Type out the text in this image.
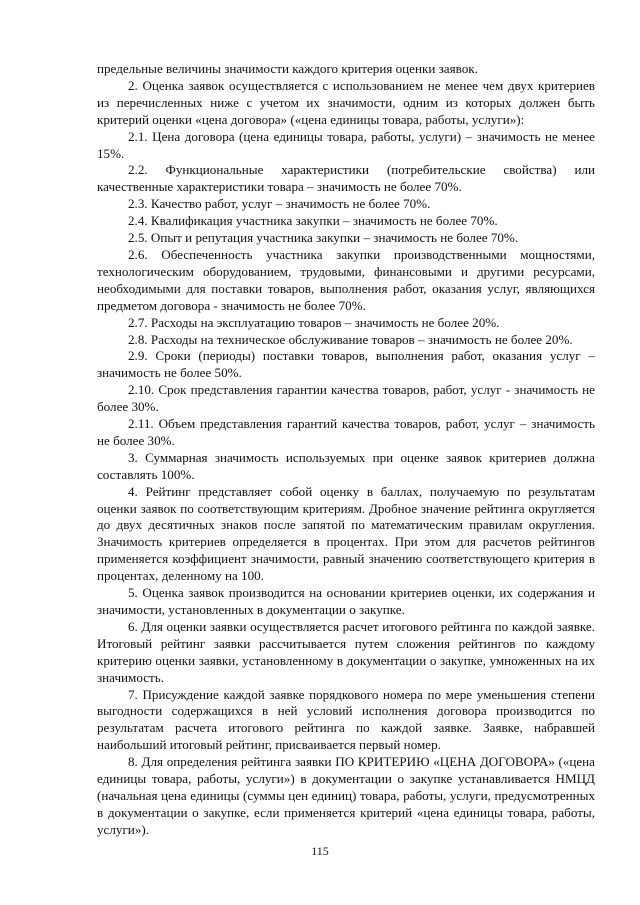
предельные величины значимости каждого критерия оценки заявок.

2. Оценка заявок осуществляется с использованием не менее чем двух критериев из перечисленных ниже с учетом их значимости, одним из которых должен быть критерий оценки «цена договора» («цена единицы товара, работы, услуги»):

2.1. Цена договора (цена единицы товара, работы, услуги) – значимость не менее 15%.

2.2. Функциональные характеристики (потребительские свойства) или качественные характеристики товара – значимость не более 70%.

2.3. Качество работ, услуг – значимость не более 70%.

2.4. Квалификация участника закупки – значимость не более 70%.

2.5. Опыт и репутация участника закупки – значимость не более 70%.

2.6. Обеспеченность участника закупки производственными мощностями, технологическим оборудованием, трудовыми, финансовыми и другими ресурсами, необходимыми для поставки товаров, выполнения работ, оказания услуг, являющихся предметом договора - значимость не более 70%.

2.7. Расходы на эксплуатацию товаров – значимость не более 20%.

2.8. Расходы на техническое обслуживание товаров – значимость не более 20%.

2.9. Сроки (периоды) поставки товаров, выполнения работ, оказания услуг – значимость не более 50%.

2.10. Срок представления гарантии качества товаров, работ, услуг - значимость не более 30%.

2.11. Объем представления гарантий качества товаров, работ, услуг – значимость не более 30%.

3. Суммарная значимость используемых при оценке заявок критериев должна составлять 100%.

4. Рейтинг представляет собой оценку в баллах, получаемую по результатам оценки заявок по соответствующим критериям. Дробное значение рейтинга округляется до двух десятичных знаков после запятой по математическим правилам округления. Значимость критериев определяется в процентах. При этом для расчетов рейтингов применяется коэффициент значимости, равный значению соответствующего критерия в процентах, деленному на 100.

5. Оценка заявок производится на основании критериев оценки, их содержания и значимости, установленных в документации о закупке.

6. Для оценки заявки осуществляется расчет итогового рейтинга по каждой заявке. Итоговый рейтинг заявки рассчитывается путем сложения рейтингов по каждому критерию оценки заявки, установленному в документации о закупке, умноженных на их значимость.

7. Присуждение каждой заявке порядкового номера по мере уменьшения степени выгодности содержащихся в ней условий исполнения договора производится по результатам расчета итогового рейтинга по каждой заявке. Заявке, набравшей наибольший итоговый рейтинг, присваивается первый номер.

8. Для определения рейтинга заявки ПО КРИТЕРИЮ «ЦЕНА ДОГОВОРА» («цена единицы товара, работы, услуги») в документации о закупке устанавливается НМЦД (начальная цена единицы (суммы цен единиц) товара, работы, услуги, предусмотренных в документации о закупке, если применяется критерий «цена единицы товара, работы, услуги»).

115
